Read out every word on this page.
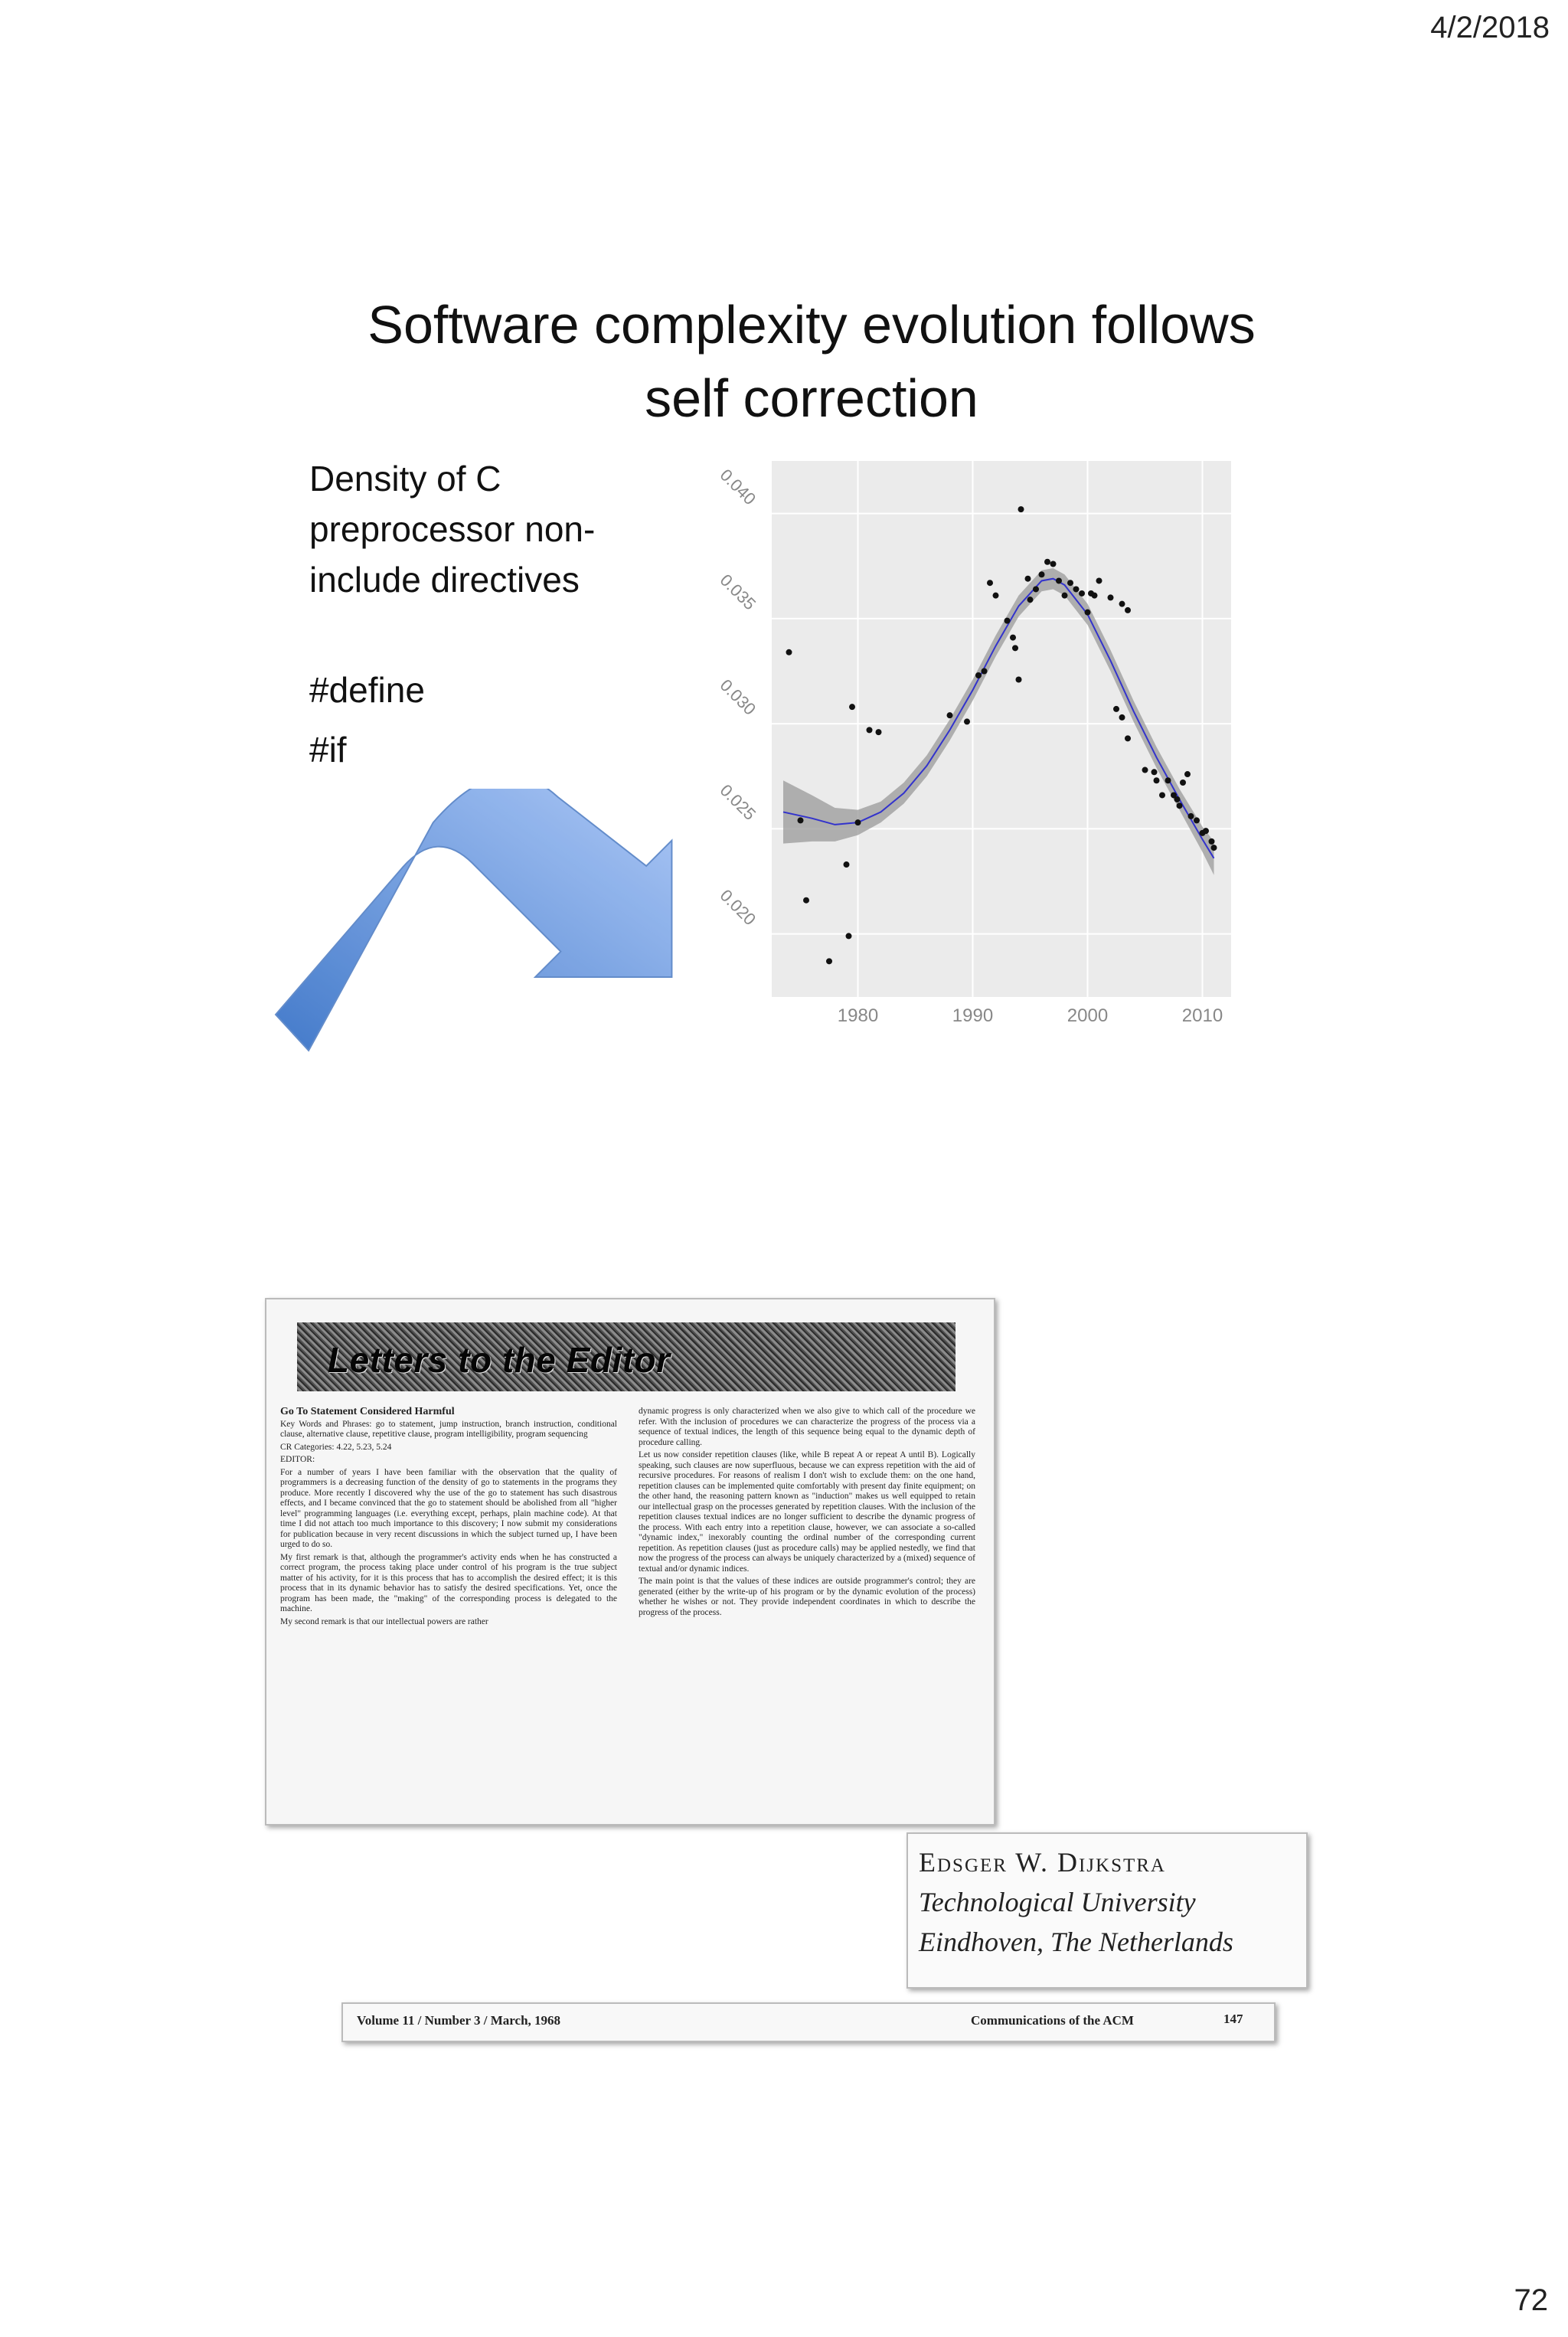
4/2/2018
Software complexity evolution follows
self correction
Density of C
preprocessor non-
include directives
#define
#if
0.020
0.025
0.030
0.035
0.040
1980	1990	2000	2010
Letters to the Editor
Go To Statement Considered Harmful

Key Words and Phrases: go to statement, jump instruction, branch instruction, conditional clause, alternative clause, repetitive clause, program intelligibility, program sequencing

CR Categories: 4.22, 5.23, 5.24

EDITOR:

For a number of years I have been familiar with the observation that the quality of programmers is a decreasing function of the density of go to statements in the programs they produce. More recently I discovered why the use of the go to statement has such disastrous effects, and I became convinced that the go to statement should be abolished from all "higher level" programming languages (i.e. everything except, perhaps, plain machine code). At that time I did not attach too much importance to this discovery; I now submit my considerations for publication because in very recent discussions in which the subject turned up, I have been urged to do so.

My first remark is that, although the programmer's activity ends when he has constructed a correct program, the process taking place under control of his program is the true subject matter of his activity, for it is this process that has to accomplish the desired effect; it is this process that in its dynamic behavior has to satisfy the desired specifications. Yet, once the program has been made, the "making" of the corresponding process is delegated to the machine.

My second remark is that our intellectual powers are rather

dynamic progress is only characterized when we also give to which call of the procedure we refer. With the inclusion of procedures we can characterize the progress of the process via a sequence of textual indices, the length of this sequence being equal to the dynamic depth of procedure calling.

Let us now consider repetition clauses (like, while B repeat A or repeat A until B). Logically speaking, such clauses are now superfluous, because we can express repetition with the aid of recursive procedures. For reasons of realism I don't wish to exclude them: on the one hand, repetition clauses can be implemented quite comfortably with present day finite equipment; on the other hand, the reasoning pattern known as "induction" makes us well equipped to retain our intellectual grasp on the processes generated by repetition clauses. With the inclusion of the repetition clauses textual indices are no longer sufficient to describe the dynamic progress of the process. With each entry into a repetition clause, however, we can associate a so-called "dynamic index," inexorably counting the ordinal number of the corresponding current repetition. As repetition clauses (just as procedure calls) may be applied nestedly, we find that now the progress of the process can always be uniquely characterized by a (mixed) sequence of textual and/or dynamic indices.

The main point is that the values of these indices are outside programmer's control; they are generated (either by the write-up of his program or by the dynamic evolution of the process) whether he wishes or not. They provide independent coordinates in which to describe the progress of the process.

Edsger W. Dijkstra
Technological University
Eindhoven, The Netherlands
Volume 11 / Number 3 / March, 1968	Communications of the ACM	147
72
